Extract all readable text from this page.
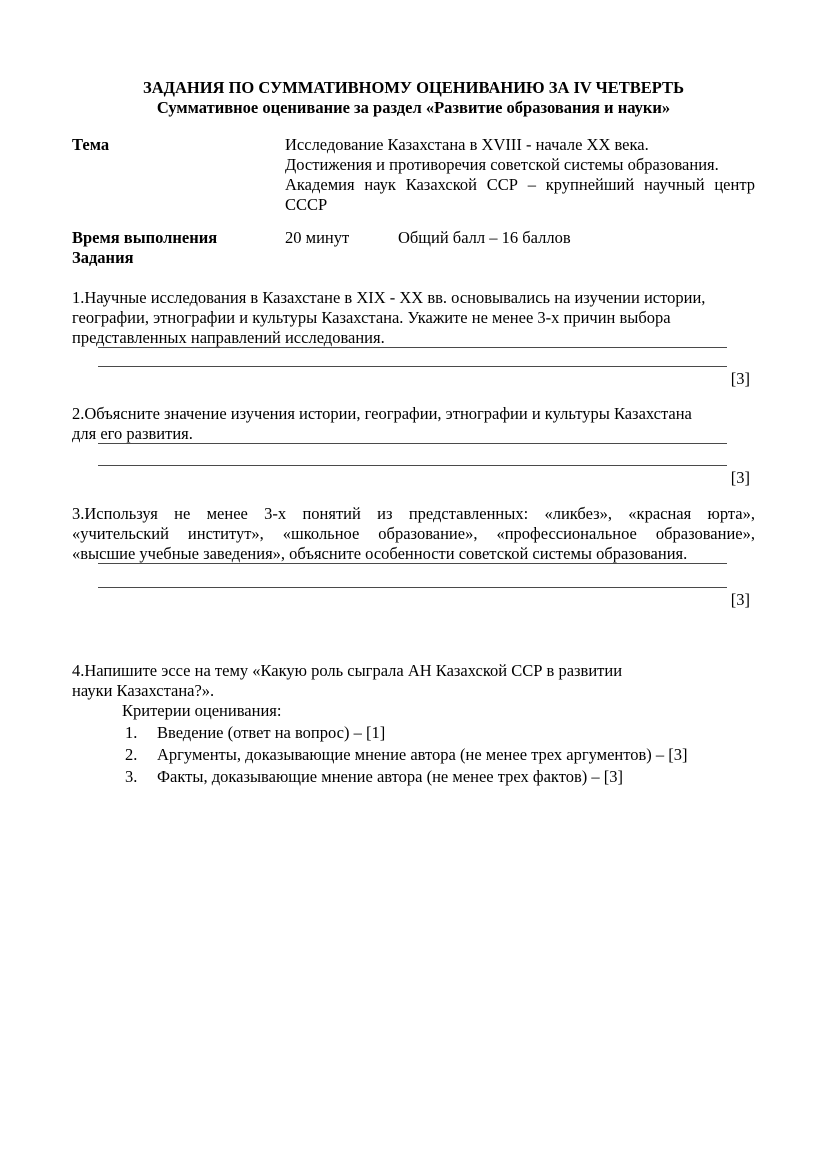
ЗАДАНИЯ ПО СУММАТИВНОМУ ОЦЕНИВАНИЮ ЗА IV ЧЕТВЕРТЬ
Суммативное оценивание за раздел «Развитие образования и науки»
Тема	Исследование Казахстана в XVIII - начале XX века.
Достижения и противоречия советской системы образования.
Академия наук Казахской ССР – крупнейший научный центр
СССР
Время выполнения	20 минут	Общий балл – 16 баллов
Задания
1.Научные исследования в Казахстане в XIX - XX вв. основывались на изучении истории,
географии, этнографии и культуры Казахстана. Укажите не менее 3-х причин выбора
представленных направлений исследования.
[3]
2.Объясните значение изучения истории, географии, этнографии и культуры Казахстана
для его развития.
[3]
3.Используя не менее 3-х понятий из представленных: «ликбез», «красная юрта»,
«учительский институт», «школьное образование», «профессиональное образование»,
«высшие учебные заведения», объясните особенности советской системы образования.
[3]
4.Напишите эссе на тему «Какую роль сыграла АН Казахской ССР в развитии
науки Казахстана?».
Критерии оценивания:
1.	Введение (ответ на вопрос) – [1]
2.	Аргументы, доказывающие мнение автора (не менее трех аргументов) – [3]
3.	Факты, доказывающие мнение автора (не менее трех фактов) – [3]
